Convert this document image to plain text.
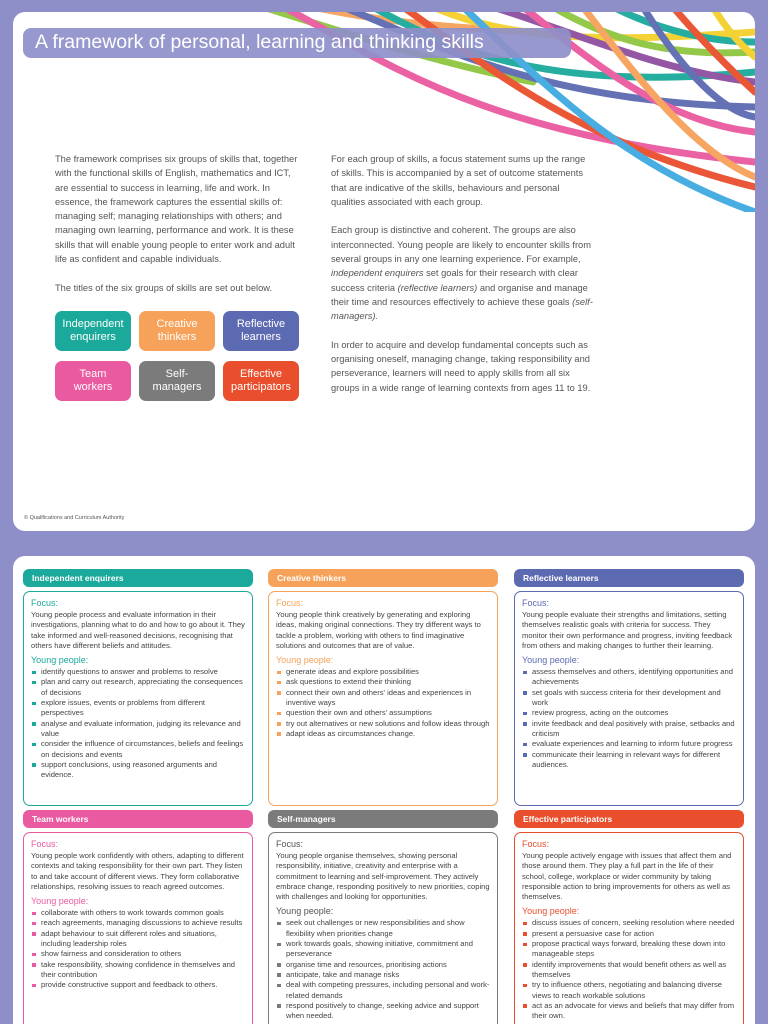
A framework of personal, learning and thinking skills

The framework comprises six groups of skills that, together with the functional skills of English, mathematics and ICT, are essential to success in learning, life and work. In essence, the framework captures the essential skills of: managing self; managing relationships with others; and managing own learning, performance and work. It is these skills that will enable young people to enter work and adult life as confident and capable individuals.

The titles of the six groups of skills are set out below.

For each group of skills, a focus statement sums up the range of skills. This is accompanied by a set of outcome statements that are indicative of the skills, behaviours and personal qualities associated with each group.

Each group is distinctive and coherent. The groups are also interconnected. Young people are likely to encounter skills from several groups in any one learning experience. For example, independent enquirers set goals for their research with clear success criteria (reflective learners) and organise and manage their time and resources effectively to achieve these goals (self-managers).

In order to acquire and develop fundamental concepts such as organising oneself, managing change, taking responsibility and perseverance, learners will need to apply skills from all six groups in a wide range of learning contexts from ages 11 to 19.

Independent
enquirers
Creative
thinkers
Reflective
learners
Team
workers
Self-
managers
Effective
participators
© Qualifications and Curriculum Authority
Independent enquirers
Focus:
Young people process and evaluate information in their investigations, planning what to do and how to go about it. They take informed and well-reasoned decisions, recognising that others have different beliefs and attitudes.
Young people:
identify questions to answer and problems to resolve
plan and carry out research, appreciating the consequences of decisions
explore issues, events or problems from different perspectives
analyse and evaluate information, judging its relevance and value
consider the influence of circumstances, beliefs and feelings on decisions and events
support conclusions, using reasoned arguments and evidence.
Creative thinkers
Focus:
Young people think creatively by generating and exploring ideas, making original connections. They try different ways to tackle a problem, working with others to find imaginative solutions and outcomes that are of value.
Young people:
generate ideas and explore possibilities
ask questions to extend their thinking
connect their own and others' ideas and experiences in inventive ways
question their own and others' assumptions
try out alternatives or new solutions and follow ideas through
adapt ideas as circumstances change.
Reflective learners
Focus:
Young people evaluate their strengths and limitations, setting themselves realistic goals with criteria for success. They monitor their own performance and progress, inviting feedback from others and making changes to further their learning.
Young people:
assess themselves and others, identifying opportunities and achievements
set goals with success criteria for their development and work
review progress, acting on the outcomes
invite feedback and deal positively with praise, setbacks and criticism
evaluate experiences and learning to inform future progress
communicate their learning in relevant ways for different audiences.
Team workers
Focus:
Young people work confidently with others, adapting to different contexts and taking responsibility for their own part. They listen to and take account of different views. They form collaborative relationships, resolving issues to reach agreed outcomes.
Young people:
collaborate with others to work towards common goals
reach agreements, managing discussions to achieve results
adapt behaviour to suit different roles and situations, including leadership roles
show fairness and consideration to others
take responsibility, showing confidence in themselves and their contribution
provide constructive support and feedback to others.
Self-managers
Focus:
Young people organise themselves, showing personal responsibility, initiative, creativity and enterprise with a commitment to learning and self-improvement. They actively embrace change, responding positively to new priorities, coping with challenges and looking for opportunities.
Young people:
seek out challenges or new responsibilities and show flexibility when priorities change
work towards goals, showing initiative, commitment and perseverance
organise time and resources, prioritising actions
anticipate, take and manage risks
deal with competing pressures, including personal and work-related demands
respond positively to change, seeking advice and support when needed.
Effective participators
Focus:
Young people actively engage with issues that affect them and those around them. They play a full part in the life of their school, college, workplace or wider community by taking responsible action to bring improvements for others as well as themselves.
Young people:
discuss issues of concern, seeking resolution where needed
present a persuasive case for action
propose practical ways forward, breaking these down into manageable steps
identify improvements that would benefit others as well as themselves
try to influence others, negotiating and balancing diverse views to reach workable solutions
act as an advocate for views and beliefs that may differ from their own.
